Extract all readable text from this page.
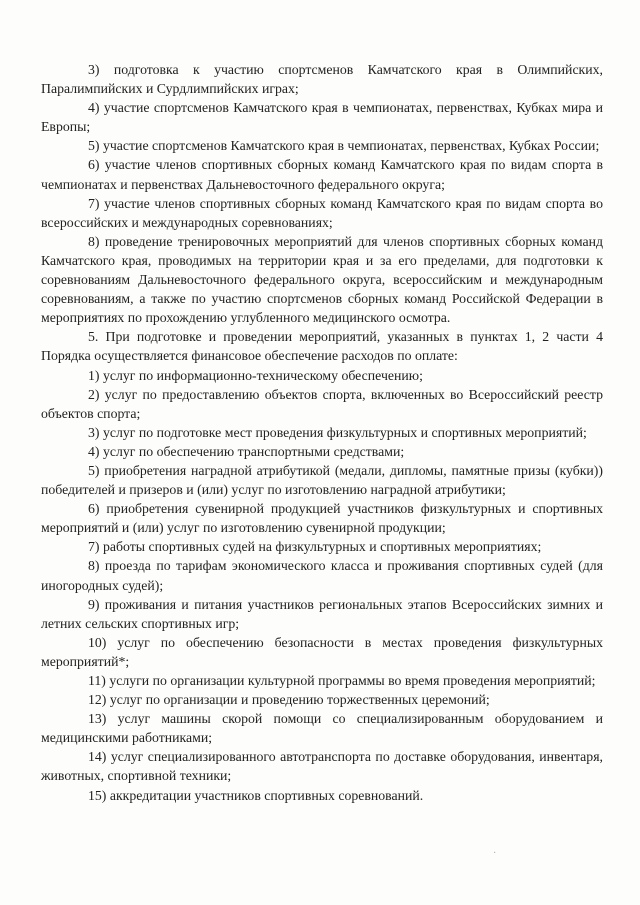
3) подготовка к участию спортсменов Камчатского края в Олимпийских, Паралимпийских и Сурдлимпийских играх;

4) участие спортсменов Камчатского края в чемпионатах, первенствах, Кубках мира и Европы;

5) участие спортсменов Камчатского края в чемпионатах, первенствах, Кубках России;

6) участие членов спортивных сборных команд Камчатского края по видам спорта в чемпионатах и первенствах Дальневосточного федерального округа;

7) участие членов спортивных сборных команд Камчатского края по видам спорта во всероссийских и международных соревнованиях;

8) проведение тренировочных мероприятий для членов спортивных сборных команд Камчатского края, проводимых на территории края и за его пределами, для подготовки к соревнованиям Дальневосточного федерального округа, всероссийским и международным соревнованиям, а также по участию спортсменов сборных команд Российской Федерации в мероприятиях по прохождению углубленного медицинского осмотра.

5. При подготовке и проведении мероприятий, указанных в пунктах 1, 2 части 4 Порядка осуществляется финансовое обеспечение расходов по оплате:

1) услуг по информационно-техническому обеспечению;

2) услуг по предоставлению объектов спорта, включенных во Всероссийский реестр объектов спорта;

3) услуг по подготовке мест проведения физкультурных и спортивных мероприятий;

4) услуг по обеспечению транспортными средствами;

5) приобретения наградной атрибутикой (медали, дипломы, памятные призы (кубки)) победителей и призеров и (или) услуг по изготовлению наградной атрибутики;

6) приобретения сувенирной продукцией участников физкультурных и спортивных мероприятий и (или) услуг по изготовлению сувенирной продукции;

7) работы спортивных судей на физкультурных и спортивных мероприятиях;

8) проезда по тарифам экономического класса и проживания спортивных судей (для иногородных судей);

9) проживания и питания участников региональных этапов Всероссийских зимних и летних сельских спортивных игр;

10) услуг по обеспечению безопасности в местах проведения физкультурных мероприятий*;

11) услуги по организации культурной программы во время проведения мероприятий;

12) услуг по организации и проведению торжественных церемоний;

13) услуг машины скорой помощи со специализированным оборудованием и медицинскими работниками;

14) услуг специализированного автотранспорта по доставке оборудования, инвентаря, животных, спортивной техники;

15) аккредитации участников спортивных соревнований.

·
